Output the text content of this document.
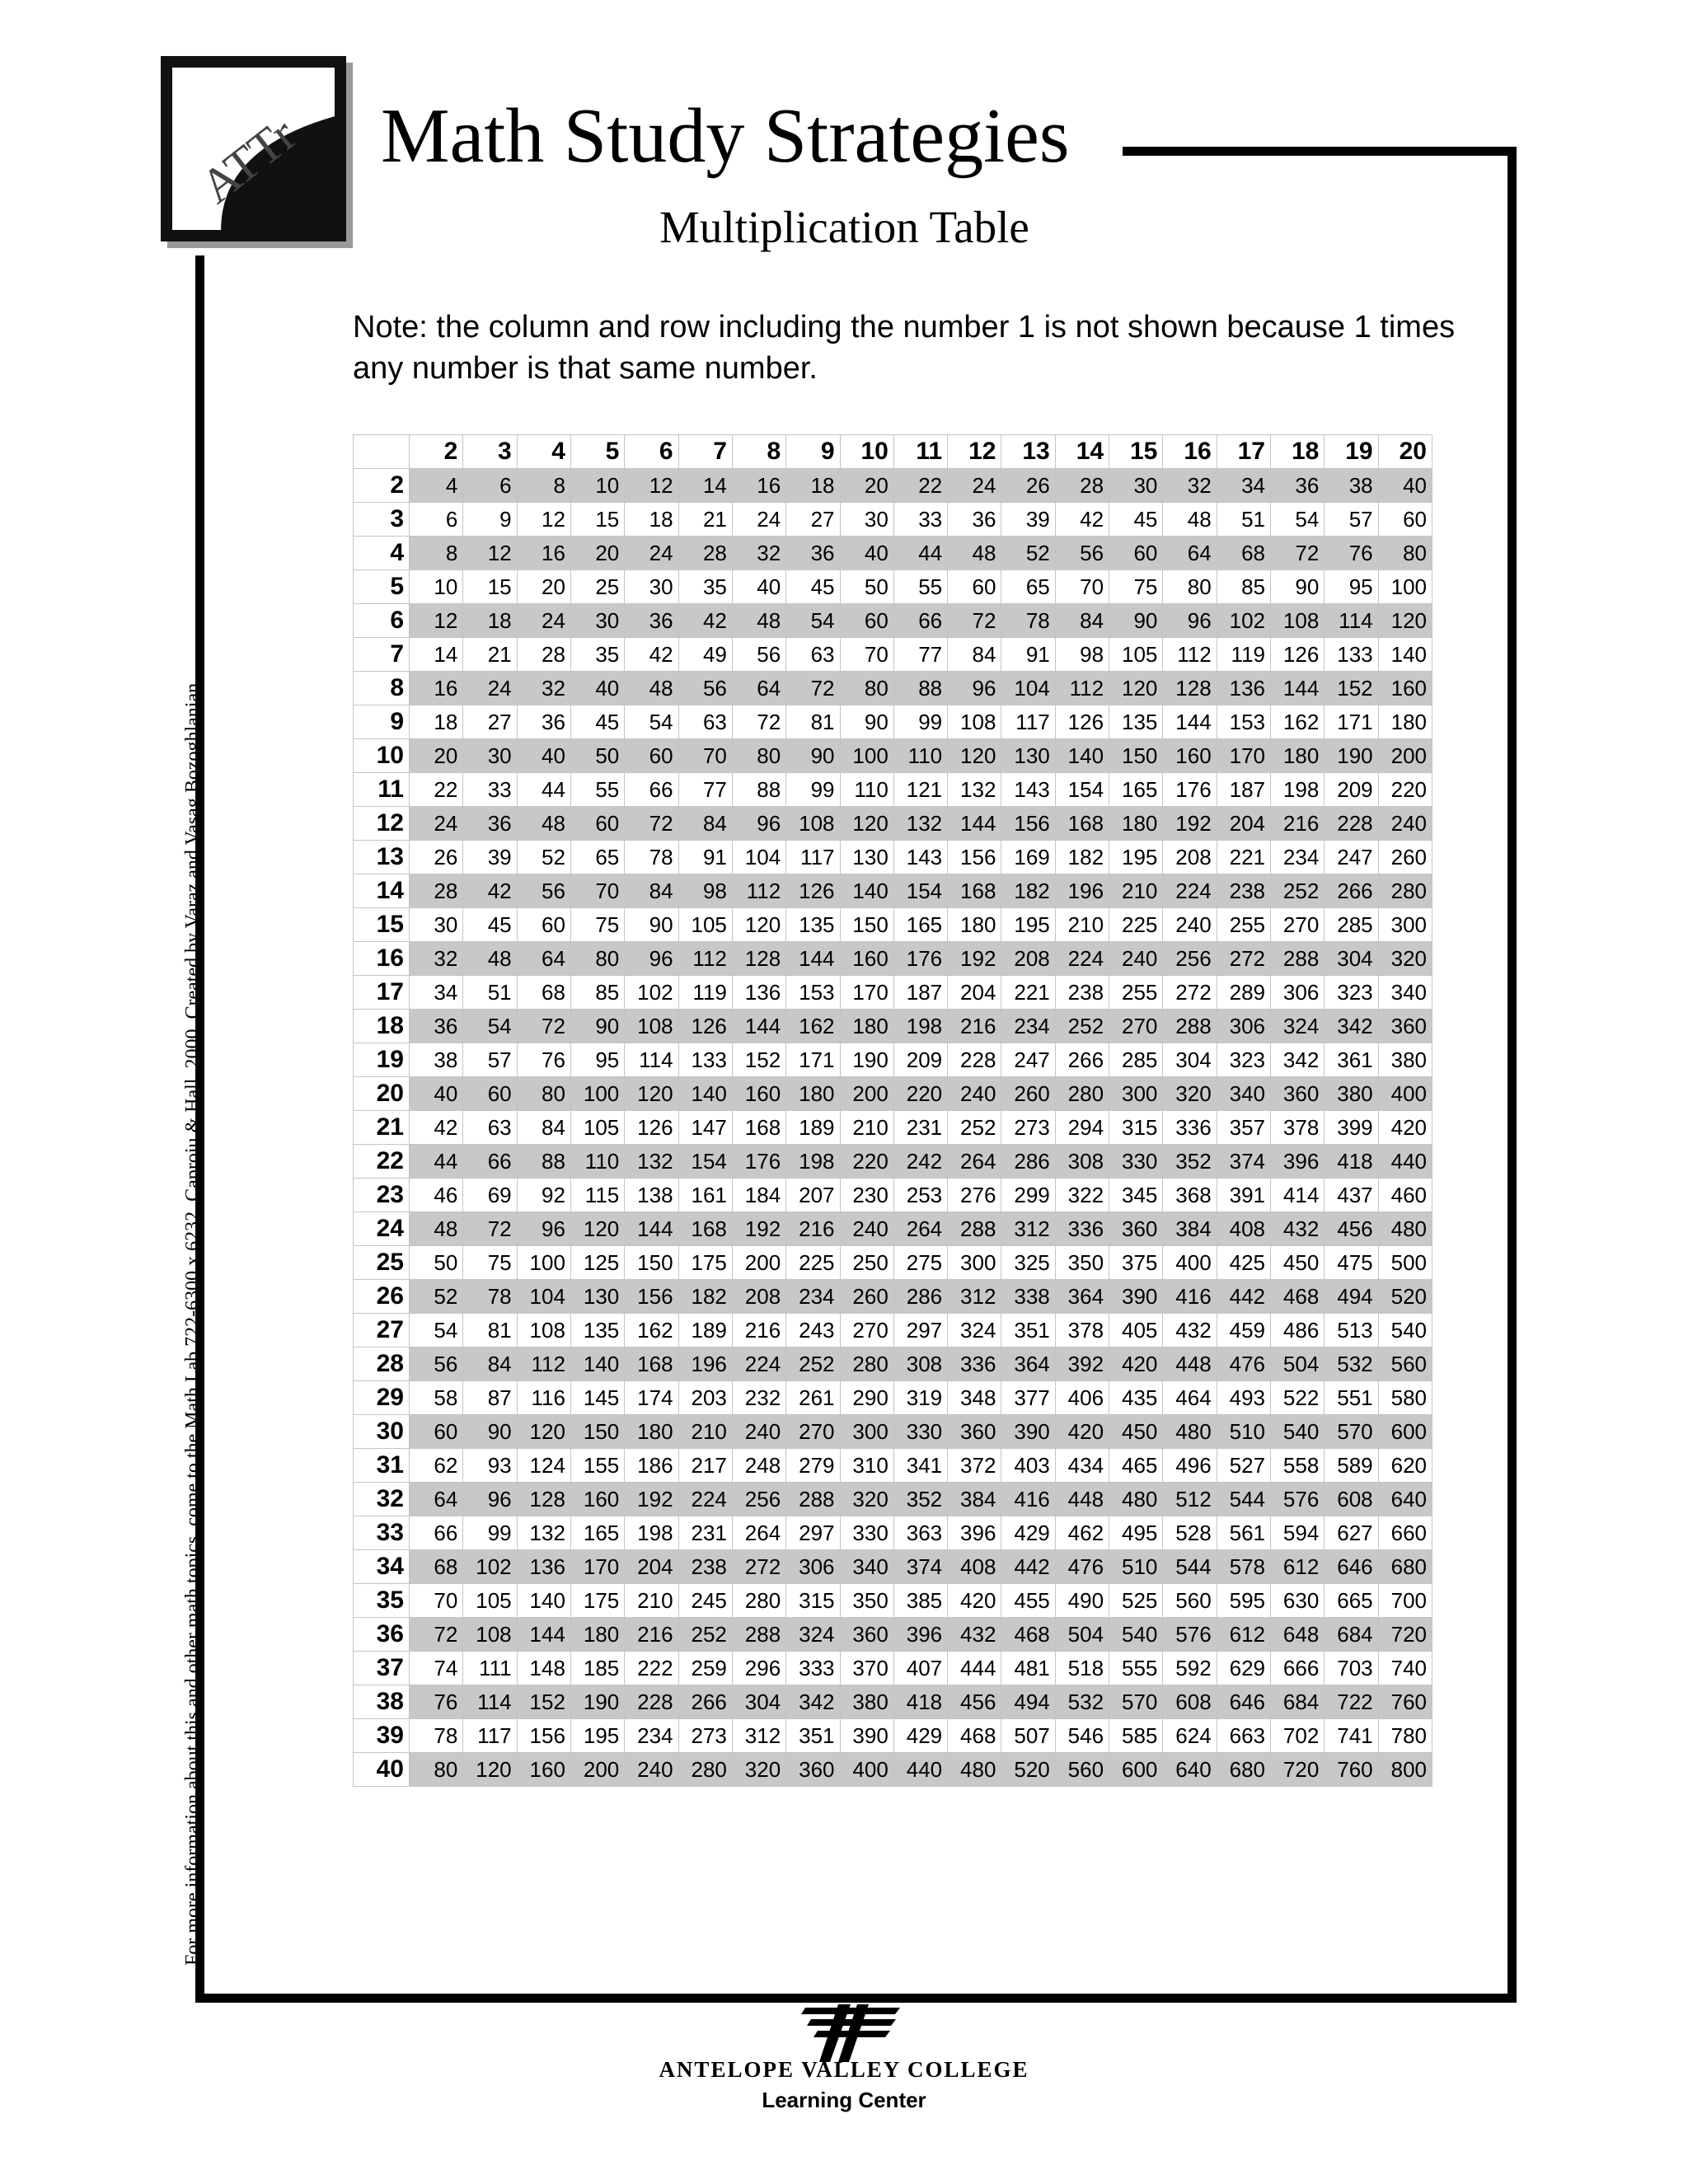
ATTr Math Study Strategies
Multiplication Table
Note: the column and row including the number 1 is not shown because 1 times any number is that same number.
For more information about this and other math topics, come to the Math Lab 722-6300 x 6232. Caproiu & Hall, 2000. Created by Varaz and Vasag Bozoghlanian.
	2	3	4	5	6	7	8	9	10	11	12	13	14	15	16	17	18	19	20
2	4	6	8	10	12	14	16	18	20	22	24	26	28	30	32	34	36	38	40
3	6	9	12	15	18	21	24	27	30	33	36	39	42	45	48	51	54	57	60
4	8	12	16	20	24	28	32	36	40	44	48	52	56	60	64	68	72	76	80
5	10	15	20	25	30	35	40	45	50	55	60	65	70	75	80	85	90	95	100
6	12	18	24	30	36	42	48	54	60	66	72	78	84	90	96	102	108	114	120
7	14	21	28	35	42	49	56	63	70	77	84	91	98	105	112	119	126	133	140
8	16	24	32	40	48	56	64	72	80	88	96	104	112	120	128	136	144	152	160
9	18	27	36	45	54	63	72	81	90	99	108	117	126	135	144	153	162	171	180
10	20	30	40	50	60	70	80	90	100	110	120	130	140	150	160	170	180	190	200
11	22	33	44	55	66	77	88	99	110	121	132	143	154	165	176	187	198	209	220
12	24	36	48	60	72	84	96	108	120	132	144	156	168	180	192	204	216	228	240
13	26	39	52	65	78	91	104	117	130	143	156	169	182	195	208	221	234	247	260
14	28	42	56	70	84	98	112	126	140	154	168	182	196	210	224	238	252	266	280
15	30	45	60	75	90	105	120	135	150	165	180	195	210	225	240	255	270	285	300
16	32	48	64	80	96	112	128	144	160	176	192	208	224	240	256	272	288	304	320
17	34	51	68	85	102	119	136	153	170	187	204	221	238	255	272	289	306	323	340
18	36	54	72	90	108	126	144	162	180	198	216	234	252	270	288	306	324	342	360
19	38	57	76	95	114	133	152	171	190	209	228	247	266	285	304	323	342	361	380
20	40	60	80	100	120	140	160	180	200	220	240	260	280	300	320	340	360	380	400
21	42	63	84	105	126	147	168	189	210	231	252	273	294	315	336	357	378	399	420
22	44	66	88	110	132	154	176	198	220	242	264	286	308	330	352	374	396	418	440
23	46	69	92	115	138	161	184	207	230	253	276	299	322	345	368	391	414	437	460
24	48	72	96	120	144	168	192	216	240	264	288	312	336	360	384	408	432	456	480
25	50	75	100	125	150	175	200	225	250	275	300	325	350	375	400	425	450	475	500
26	52	78	104	130	156	182	208	234	260	286	312	338	364	390	416	442	468	494	520
27	54	81	108	135	162	189	216	243	270	297	324	351	378	405	432	459	486	513	540
28	56	84	112	140	168	196	224	252	280	308	336	364	392	420	448	476	504	532	560
29	58	87	116	145	174	203	232	261	290	319	348	377	406	435	464	493	522	551	580
30	60	90	120	150	180	210	240	270	300	330	360	390	420	450	480	510	540	570	600
31	62	93	124	155	186	217	248	279	310	341	372	403	434	465	496	527	558	589	620
32	64	96	128	160	192	224	256	288	320	352	384	416	448	480	512	544	576	608	640
33	66	99	132	165	198	231	264	297	330	363	396	429	462	495	528	561	594	627	660
34	68	102	136	170	204	238	272	306	340	374	408	442	476	510	544	578	612	646	680
35	70	105	140	175	210	245	280	315	350	385	420	455	490	525	560	595	630	665	700
36	72	108	144	180	216	252	288	324	360	396	432	468	504	540	576	612	648	684	720
37	74	111	148	185	222	259	296	333	370	407	444	481	518	555	592	629	666	703	740
38	76	114	152	190	228	266	304	342	380	418	456	494	532	570	608	646	684	722	760
39	78	117	156	195	234	273	312	351	390	429	468	507	546	585	624	663	702	741	780
40	80	120	160	200	240	280	320	360	400	440	480	520	560	600	640	680	720	760	800
ANTELOPE VALLEY COLLEGE
Learning Center
